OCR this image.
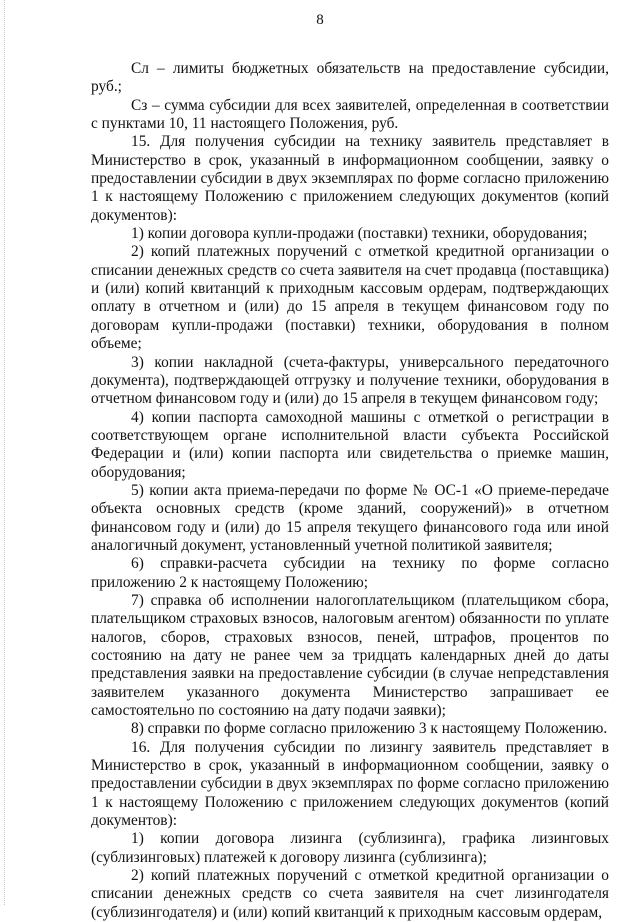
8

Сл – лимиты бюджетных обязательств на предоставление субсидии, руб.;

Сз – сумма субсидии для всех заявителей, определенная в соответствии с пунктами 10, 11 настоящего Положения, руб.

15. Для получения субсидии на технику заявитель представляет в Министерство в срок, указанный в информационном сообщении, заявку о предоставлении субсидии в двух экземплярах по форме согласно приложению 1 к настоящему Положению с приложением следующих документов (копий документов):

1) копии договора купли-продажи (поставки) техники, оборудования;

2) копий платежных поручений с отметкой кредитной организации о списании денежных средств со счета заявителя на счет продавца (поставщика) и (или) копий квитанций к приходным кассовым ордерам, подтверждающих оплату в отчетном и (или) до 15 апреля в текущем финансовом году по договорам купли-продажи (поставки) техники, оборудования в полном объеме;

3) копии накладной (счета-фактуры, универсального передаточного документа), подтверждающей отгрузку и получение техники, оборудования в отчетном финансовом году и (или) до 15 апреля в текущем финансовом году;

4) копии паспорта самоходной машины с отметкой о регистрации в соответствующем органе исполнительной власти субъекта Российской Федерации и (или) копии паспорта или свидетельства о приемке машин, оборудования;

5) копии акта приема-передачи по форме № ОС-1 «О приеме-передаче объекта основных средств (кроме зданий, сооружений)» в отчетном финансовом году и (или) до 15 апреля текущего финансового года или иной аналогичный документ, установленный учетной политикой заявителя;

6) справки-расчета субсидии на технику по форме согласно приложению 2 к настоящему Положению;

7) справка об исполнении налогоплательщиком (плательщиком сбора, плательщиком страховых взносов, налоговым агентом) обязанности по уплате налогов, сборов, страховых взносов, пеней, штрафов, процентов по состоянию на дату не ранее чем за тридцать календарных дней до даты представления заявки на предоставление субсидии (в случае непредставления заявителем указанного документа Министерство запрашивает ее самостоятельно по состоянию на дату подачи заявки);

8) справки по форме согласно приложению 3 к настоящему Положению.

16. Для получения субсидии по лизингу заявитель представляет в Министерство в срок, указанный в информационном сообщении, заявку о предоставлении субсидии в двух экземплярах по форме согласно приложению 1 к настоящему Положению с приложением следующих документов (копий документов):

1) копии договора лизинга (сублизинга), графика лизинговых (сублизинговых) платежей к договору лизинга (сублизинга);

2) копий платежных поручений с отметкой кредитной организации о списании денежных средств со счета заявителя на счет лизингодателя (сублизингодателя) и (или) копий квитанций к приходным кассовым ордерам,
